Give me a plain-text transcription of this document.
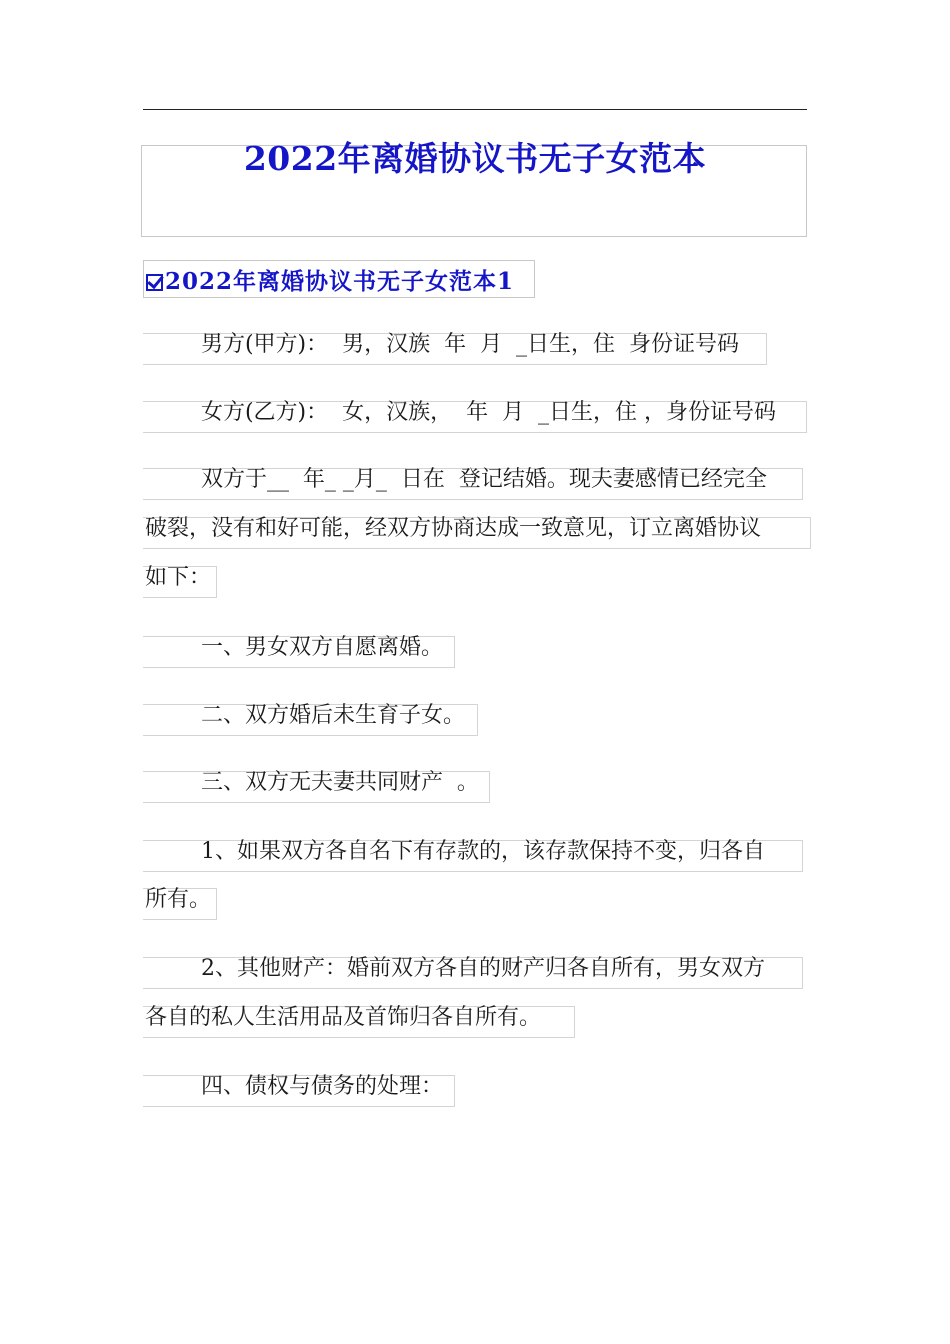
2022年离婚协议书无子女范本
2022年离婚协议书无子女范本1
男方(甲方)：  男，汉族  年  月  _日生，住  身份证号码
女方(乙方)：  女，汉族，  年  月  _日生，住 ，身份证号码
双方于__  年_ _月_  日在  登记结婚。现夫妻感情已经完全
破裂，没有和好可能，经双方协商达成一致意见，订立离婚协议
如下：
一、男女双方自愿离婚。
二、双方婚后未生育子女。
三、双方无夫妻共同财产  。
1、如果双方各自名下有存款的，该存款保持不变，归各自
所有。
2、其他财产：婚前双方各自的财产归各自所有，男女双方
各自的私人生活用品及首饰归各自所有。
四、债权与债务的处理：
